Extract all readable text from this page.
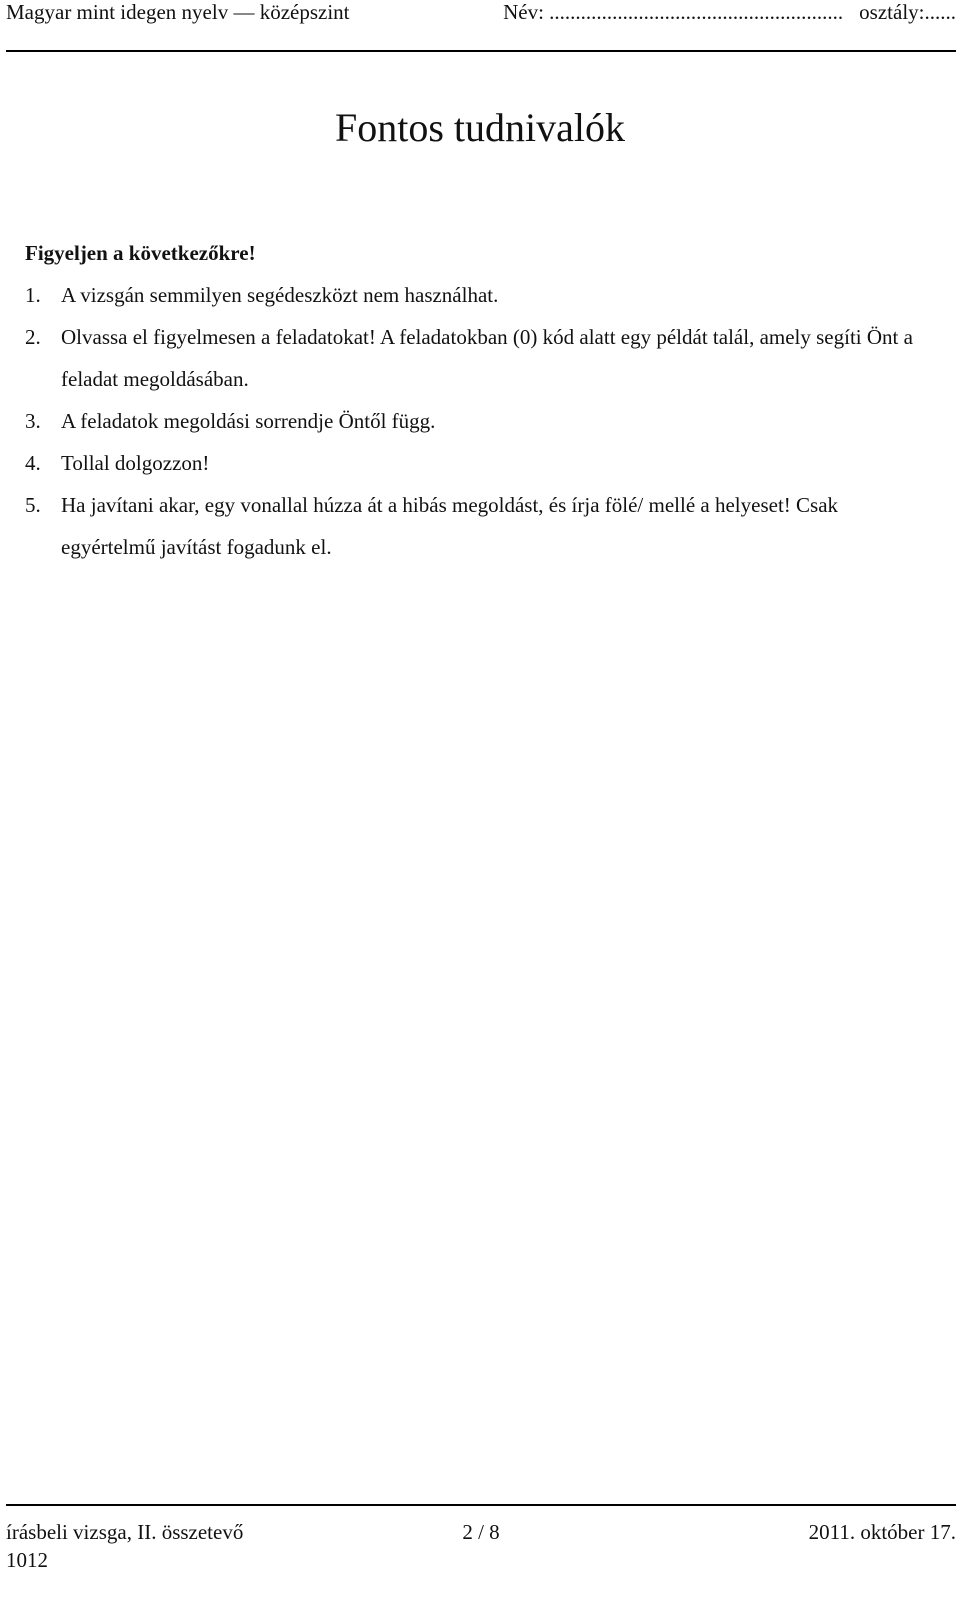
Magyar mint idegen nyelv — középszint	Név: ........................................................ osztály:......
Fontos tudnivalók
Figyeljen a következőkre!
1. A vizsgán semmilyen segédeszközt nem használhat.
2. Olvassa el figyelmesen a feladatokat! A feladatokban (0) kód alatt egy példát talál, amely segíti Önt a feladat megoldásában.
3. A feladatok megoldási sorrendje Öntől függ.
4. Tollal dolgozzon!
5. Ha javítani akar, egy vonallal húzza át a hibás megoldást, és írja fölé/ mellé a helyeset! Csak egyértelmű javítást fogadunk el.
írásbeli vizsga, II. összetevő	2 / 8	2011. október 17.
1012
